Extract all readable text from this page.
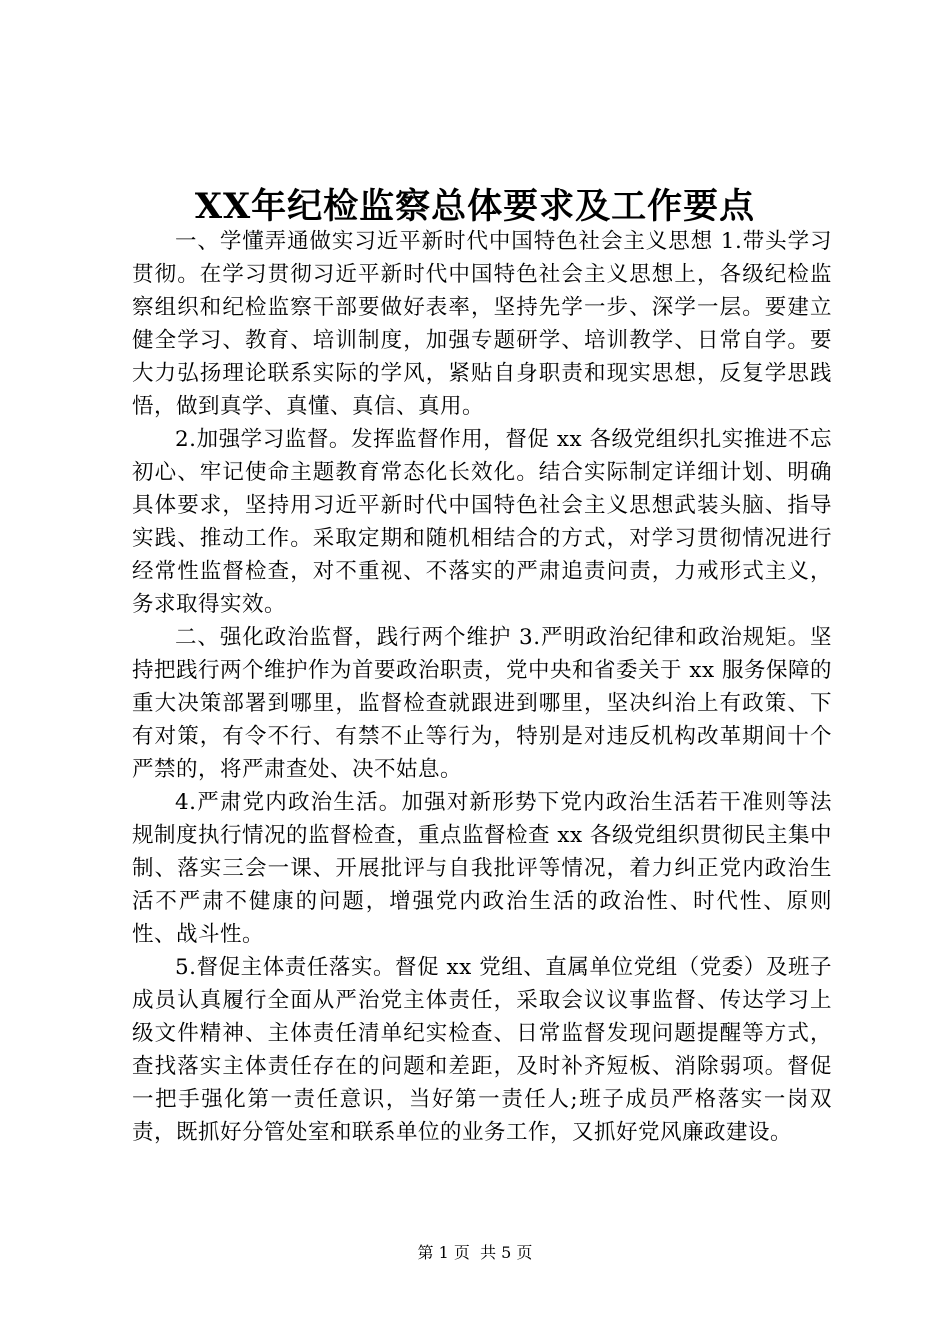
XX年纪检监察总体要求及工作要点

一、学懂弄通做实习近平新时代中国特色社会主义思想 1.带头学习贯彻。在学习贯彻习近平新时代中国特色社会主义思想上，各级纪检监察组织和纪检监察干部要做好表率，坚持先学一步、深学一层。要建立健全学习、教育、培训制度，加强专题研学、培训教学、日常自学。要大力弘扬理论联系实际的学风，紧贴自身职责和现实思想，反复学思践悟，做到真学、真懂、真信、真用。

2.加强学习监督。发挥监督作用，督促 xx 各级党组织扎实推进不忘初心、牢记使命主题教育常态化长效化。结合实际制定详细计划、明确具体要求，坚持用习近平新时代中国特色社会主义思想武装头脑、指导实践、推动工作。采取定期和随机相结合的方式，对学习贯彻情况进行经常性监督检查，对不重视、不落实的严肃追责问责，力戒形式主义，务求取得实效。

二、强化政治监督，践行两个维护 3.严明政治纪律和政治规矩。坚持把践行两个维护作为首要政治职责，党中央和省委关于 xx 服务保障的重大决策部署到哪里，监督检查就跟进到哪里，坚决纠治上有政策、下有对策，有令不行、有禁不止等行为，特别是对违反机构改革期间十个严禁的，将严肃查处、决不姑息。

4.严肃党内政治生活。加强对新形势下党内政治生活若干准则等法规制度执行情况的监督检查，重点监督检查 xx 各级党组织贯彻民主集中制、落实三会一课、开展批评与自我批评等情况，着力纠正党内政治生活不严肃不健康的问题，增强党内政治生活的政治性、时代性、原则性、战斗性。

5.督促主体责任落实。督促 xx 党组、直属单位党组（党委）及班子成员认真履行全面从严治党主体责任，采取会议议事监督、传达学习上级文件精神、主体责任清单纪实检查、日常监督发现问题提醒等方式，查找落实主体责任存在的问题和差距，及时补齐短板、消除弱项。督促一把手强化第一责任意识，当好第一责任人;班子成员严格落实一岗双责，既抓好分管处室和联系单位的业务工作，又抓好党风廉政建设。

第 1 页 共 5 页
